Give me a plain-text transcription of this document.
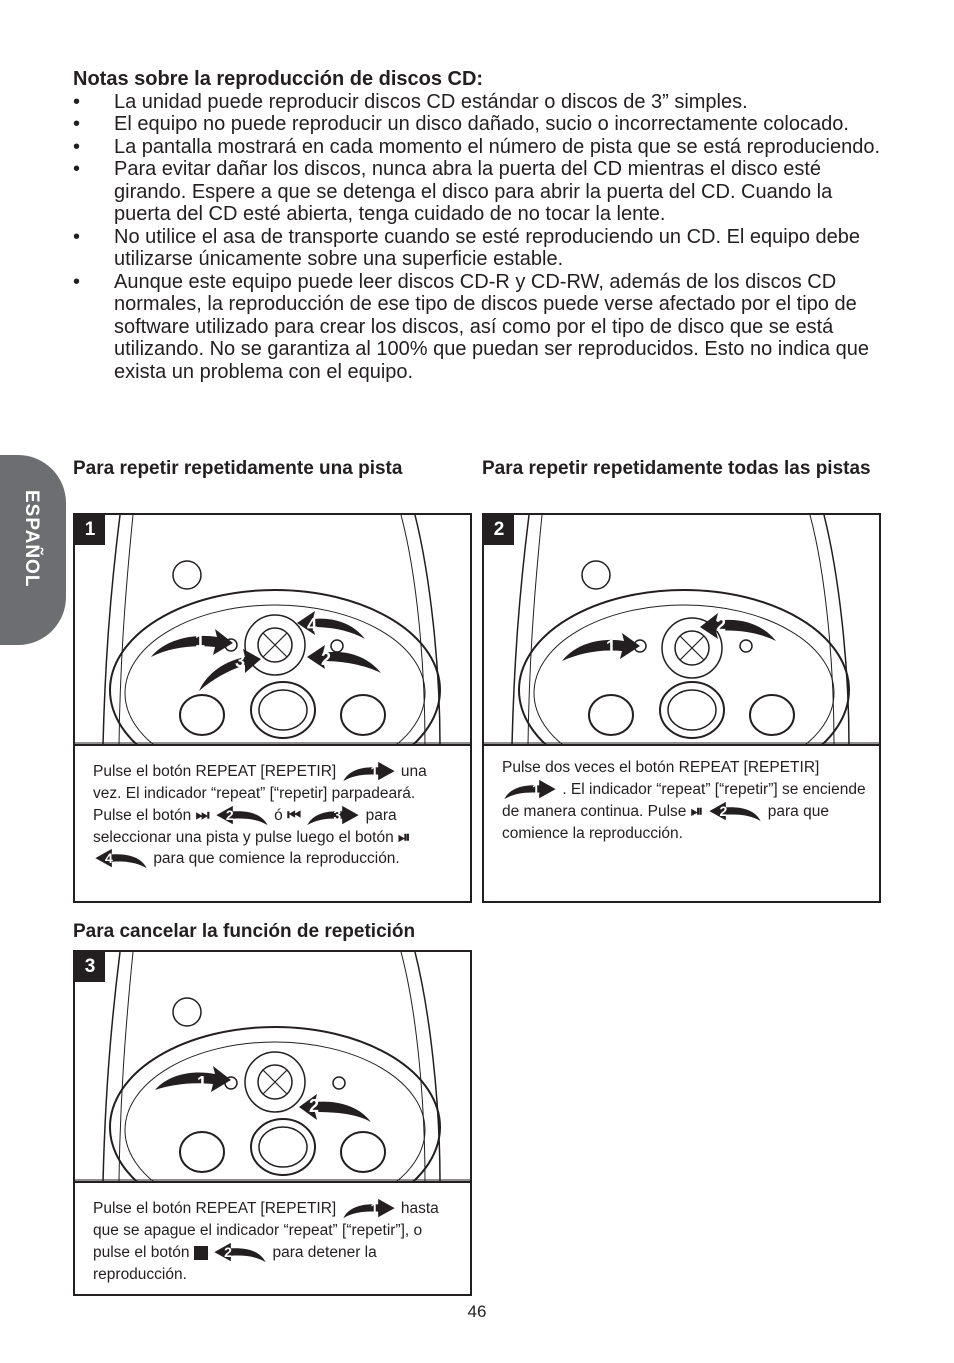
ESPAÑOL

Notas sobre la reproducción de discos CD:

• La unidad puede reproducir discos CD estándar o discos de 3” simples.
• El equipo no puede reproducir un disco dañado, sucio o incorrectamente colocado.
• La pantalla mostrará en cada momento el número de pista que se está reproduciendo.
• Para evitar dañar los discos, nunca abra la puerta del CD mientras el disco esté girando. Espere a que se detenga el disco para abrir la puerta del CD. Cuando la puerta del CD esté abierta, tenga cuidado de no tocar la lente.
• No utilice el asa de transporte cuando se esté reproduciendo un CD. El equipo debe utilizarse únicamente sobre una superficie estable.
• Aunque este equipo puede leer discos CD-R y CD-RW, además de los discos CD normales, la reproducción de ese tipo de discos puede verse afectado por el tipo de software utilizado para crear los discos, así como por el tipo de disco que se está utilizando. No se garantiza al 100% que puedan ser reproducidos. Esto no indica que exista un problema con el equipo.
Para repetir repetidamente una pista
1
3
4
2
1
Pulse el botón REPEAT [REPETIR] 1 una vez. El indicador “repeat” [“repetir] parpadeará. Pulse el botón ⏭ 2	ó ⏮ 3 para seleccionar una pista y pulse luego el botón ⏯
4	para que comience la reproducción.
Para repetir repetidamente todas las pistas
1
2
2
Pulse dos veces el botón REPEAT [REPETIR]
1 . El indicador “repeat” [“repetir”] se enciende de manera continua. Pulse ⏯ 2	para que comience la reproducción.
Para cancelar la función de repetición
1
2
3
Pulse el botón REPEAT [REPETIR] 1 hasta que se apague el indicador “repeat” [“repetir”], o pulse el botón 2	para detener la reproducción.
46
